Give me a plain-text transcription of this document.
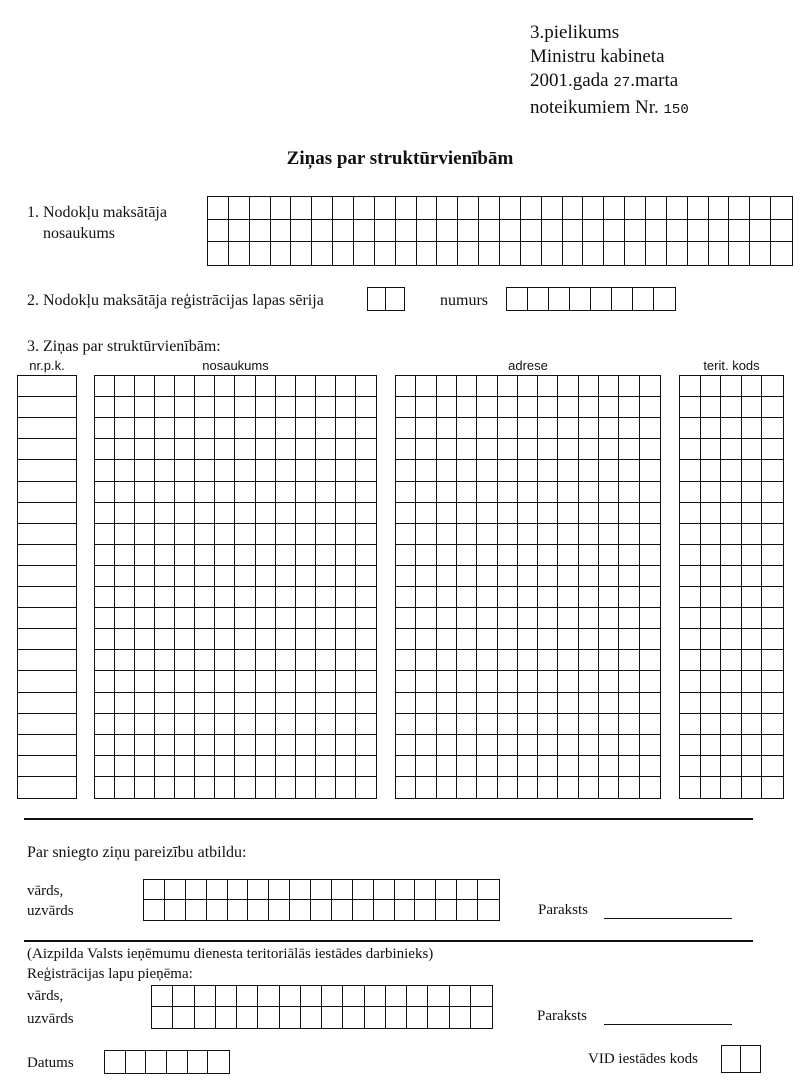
3.pielikums
Ministru kabineta
2001.gada 27.marta
noteikumiem Nr. 150
Ziņas par struktūrvienībām
1. Nodokļu maksātāja
nosaukums
2. Nodokļu maksātāja reģistrācijas lapas sērija	numurs
3. Ziņas par struktūrvienībām:
nr.p.k.	nosaukums	adrese	terit. kods
Par sniegto ziņu pareizību atbildu:
vārds,
uzvārds	Paraksts
(Aizpilda Valsts ieņēmumu dienesta teritoriālās iestādes darbinieks)
Reģistrācijas lapu pieņēma:
vārds,
uzvārds	Paraksts
Datums	VID iestādes kods
